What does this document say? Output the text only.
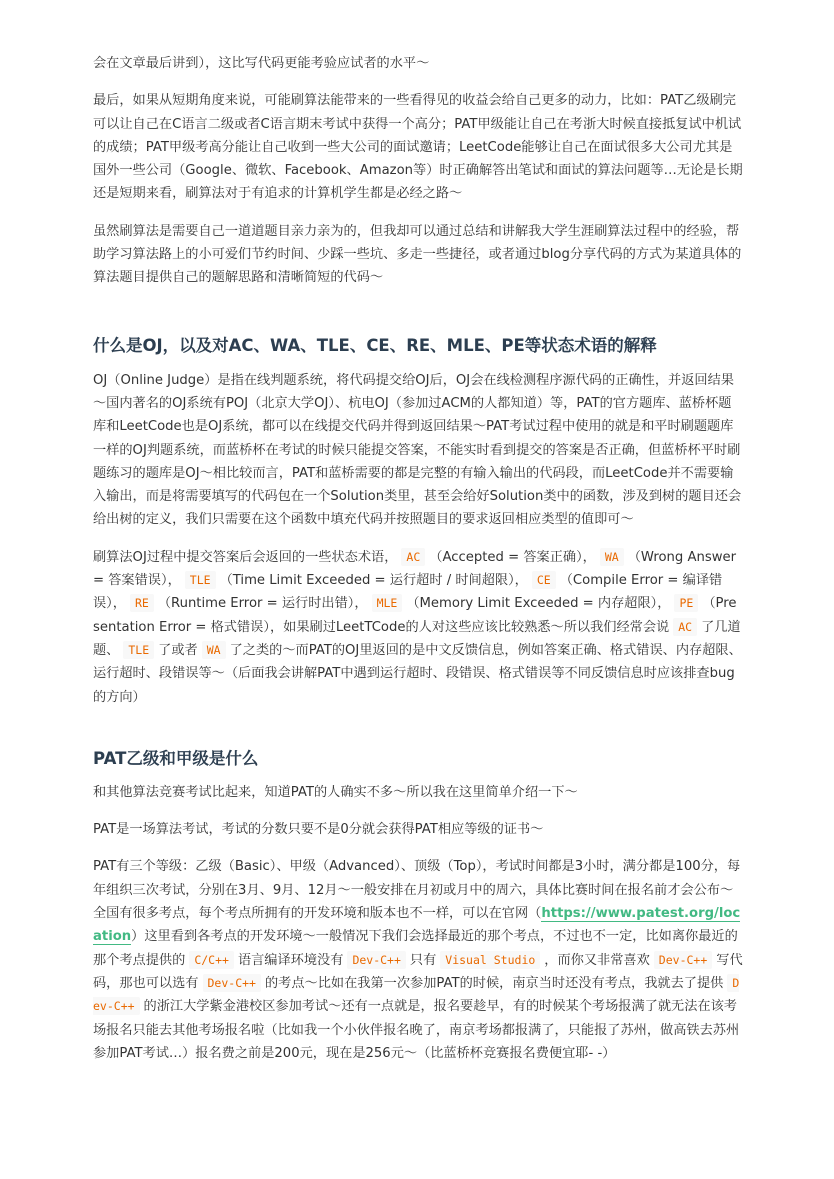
会在文章最后讲到），这比写代码更能考验应试者的水平～

最后，如果从短期角度来说，可能刷算法能带来的一些看得见的收益会给自己更多的动力，比如：PAT乙级刷完可以让自己在C语言二级或者C语言期末考试中获得一个高分；PAT甲级能让自己在考浙大时候直接抵复试中机试的成绩；PAT甲级考高分能让自己收到一些大公司的面试邀请；LeetCode能够让自己在面试很多大公司尤其是国外一些公司（Google、微软、Facebook、Amazon等）时正确解答出笔试和面试的算法问题等…无论是长期还是短期来看，刷算法对于有追求的计算机学生都是必经之路～

虽然刷算法是需要自己一道道题目亲力亲为的，但我却可以通过总结和讲解我大学生涯刷算法过程中的经验，帮助学习算法路上的小可爱们节约时间、少踩一些坑、多走一些捷径，或者通过blog分享代码的方式为某道具体的算法题目提供自己的题解思路和清晰简短的代码～

什么是OJ，以及对AC、WA、TLE、CE、RE、MLE、PE等状态术语的解释

OJ（Online Judge）是指在线判题系统，将代码提交给OJ后，OJ会在线检测程序源代码的正确性，并返回结果～国内著名的OJ系统有POJ（北京大学OJ）、杭电OJ（参加过ACM的人都知道）等，PAT的官方题库、蓝桥杯题库和LeetCode也是OJ系统，都可以在线提交代码并得到返回结果～PAT考试过程中使用的就是和平时刷题题库一样的OJ判题系统，而蓝桥杯在考试的时候只能提交答案，不能实时看到提交的答案是否正确，但蓝桥杯平时刷题练习的题库是OJ～相比较而言，PAT和蓝桥需要的都是完整的有输入输出的代码段，而LeetCode并不需要输入输出，而是将需要填写的代码包在一个Solution类里，甚至会给好Solution类中的函数，涉及到树的题目还会给出树的定义，我们只需要在这个函数中填充代码并按照题目的要求返回相应类型的值即可～

刷算法OJ过程中提交答案后会返回的一些状态术语， AC （Accepted = 答案正确）， WA （Wrong Answer = 答案错误）， TLE （Time Limit Exceeded = 运行超时 / 时间超限）， CE （Compile Error = 编译错误）， RE （Runtime Error = 运行时出错）， MLE （Memory Limit Exceeded = 内存超限）， PE （Presentation Error = 格式错误），如果刷过LeetTCode的人对这些应该比较熟悉～所以我们经常会说 AC 了几道题、 TLE 了或者 WA 了之类的～而PAT的OJ里返回的是中文反馈信息，例如答案正确、格式错误、内存超限、运行超时、段错误等～（后面我会讲解PAT中遇到运行超时、段错误、格式错误等不同反馈信息时应该排查bug的方向）

PAT乙级和甲级是什么

和其他算法竞赛考试比起来，知道PAT的人确实不多～所以我在这里简单介绍一下～

PAT是一场算法考试，考试的分数只要不是0分就会获得PAT相应等级的证书～

PAT有三个等级：乙级（Basic）、甲级（Advanced）、顶级（Top），考试时间都是3小时，满分都是100分，每年组织三次考试，分别在3月、9月、12月～一般安排在月初或月中的周六，具体比赛时间在报名前才会公布～全国有很多考点，每个考点所拥有的开发环境和版本也不一样，可以在官网（https://www.patest.org/location）这里看到各考点的开发环境～一般情况下我们会选择最近的那个考点，不过也不一定，比如离你最近的那个考点提供的 C/C++ 语言编译环境没有 Dev-C++ 只有 Visual Studio ，而你又非常喜欢 Dev-C++ 写代码，那也可以选有 Dev-C++ 的考点～比如在我第一次参加PAT的时候，南京当时还没有考点，我就去了提供 Dev-C++ 的浙江大学紫金港校区参加考试～还有一点就是，报名要趁早，有的时候某个考场报满了就无法在该考场报名只能去其他考场报名啦（比如我一个小伙伴报名晚了，南京考场都报满了，只能报了苏州，做高铁去苏州参加PAT考试…）报名费之前是200元，现在是256元～（比蓝桥杯竞赛报名费便宜耶- -）
